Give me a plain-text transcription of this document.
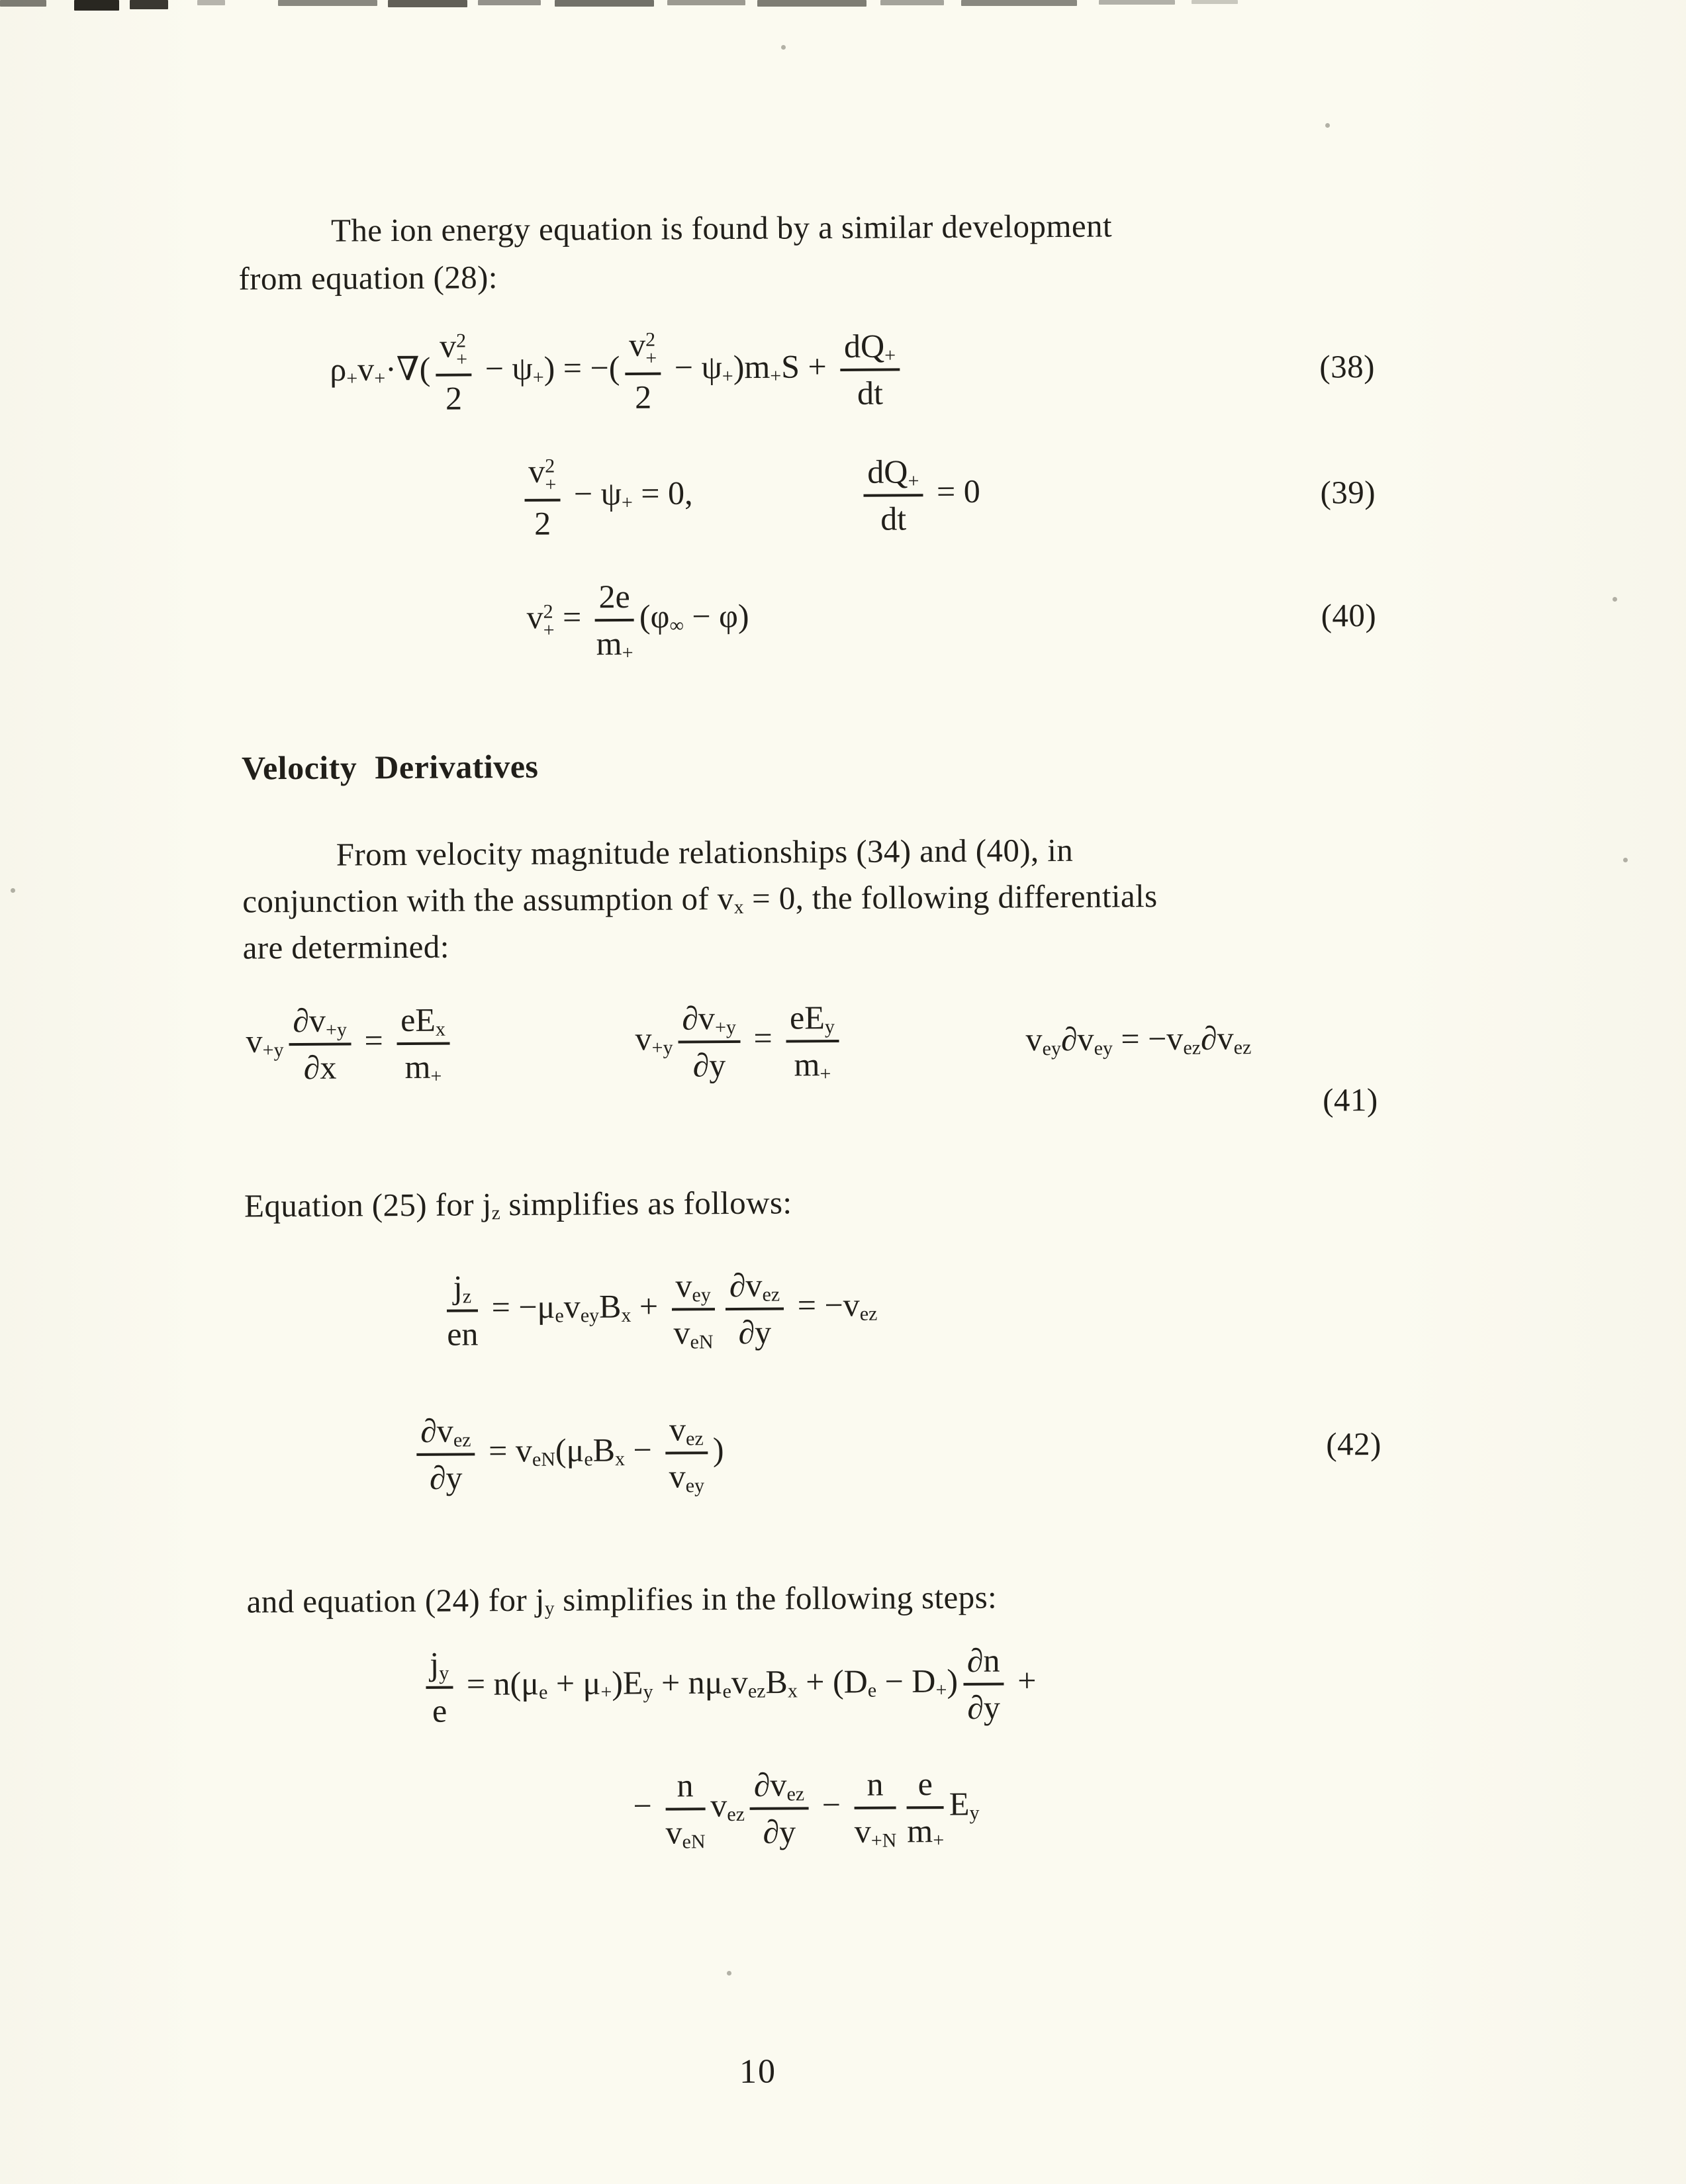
The ion energy equation is found by a similar development
from equation (28):

$\rho_+v_+\cdot\nabla$( v 2
+
$2 - \psi_+$) = −( v 2
+
$2 - \psi_+)m_+S + \frac{dQ_+}{dt}$	(38)
v 2
+
$2 - \psi_+ = 0$,	$\frac{dQ_+}{dt} = 0$	(39)
v 2
+ = $\frac{2e}{m_+} (\varphi_\infty - \varphi)$	(40)
Velocity Derivatives

From velocity magnitude relationships (34) and (40), in
conjunction with the assumption of $v_x = 0$, the following differentials
are determined:

$v_{+y} \frac{\partial v_{+y}}{\partial x} = \frac{eE_x}{m_+}$	$v_{+y} \frac{\partial v_{+y}}{\partial y} = \frac{eE_y}{m_+}$	$v_{ey}\partial v_{ey} = -v_{ez}\partial v_{ez}$
(41)

Equation (25) for $j_z$ simplifies as follows:

$\frac{j_z}{en} = -\mu_ev_{ey}B_x + \frac{v_{ey}}{v_{eN}} \frac{\partial v_{ez}}{\partial y} = -v_{ez}$
$\frac{\partial v_{ez}}{\partial y} = v_{eN}(\mu_eB_x - \frac{v_{ez}}{v_{ey}}$ )	(42)

and equation (24) for $j_y$ simplifies in the following steps:

$\frac{j_y}{e} = n(\mu_e + \mu_+)E_y + n\mu_ev_{ez}B_x + (D_e - D_+) \frac{\partial n}{\partial y}$ +
− $\frac{n}{v_{eN}} v_{ez} \frac{\partial v_{ez}}{\partial y} - \frac{n}{v_{+N}} \frac{e}{m_+} E_y$
10
